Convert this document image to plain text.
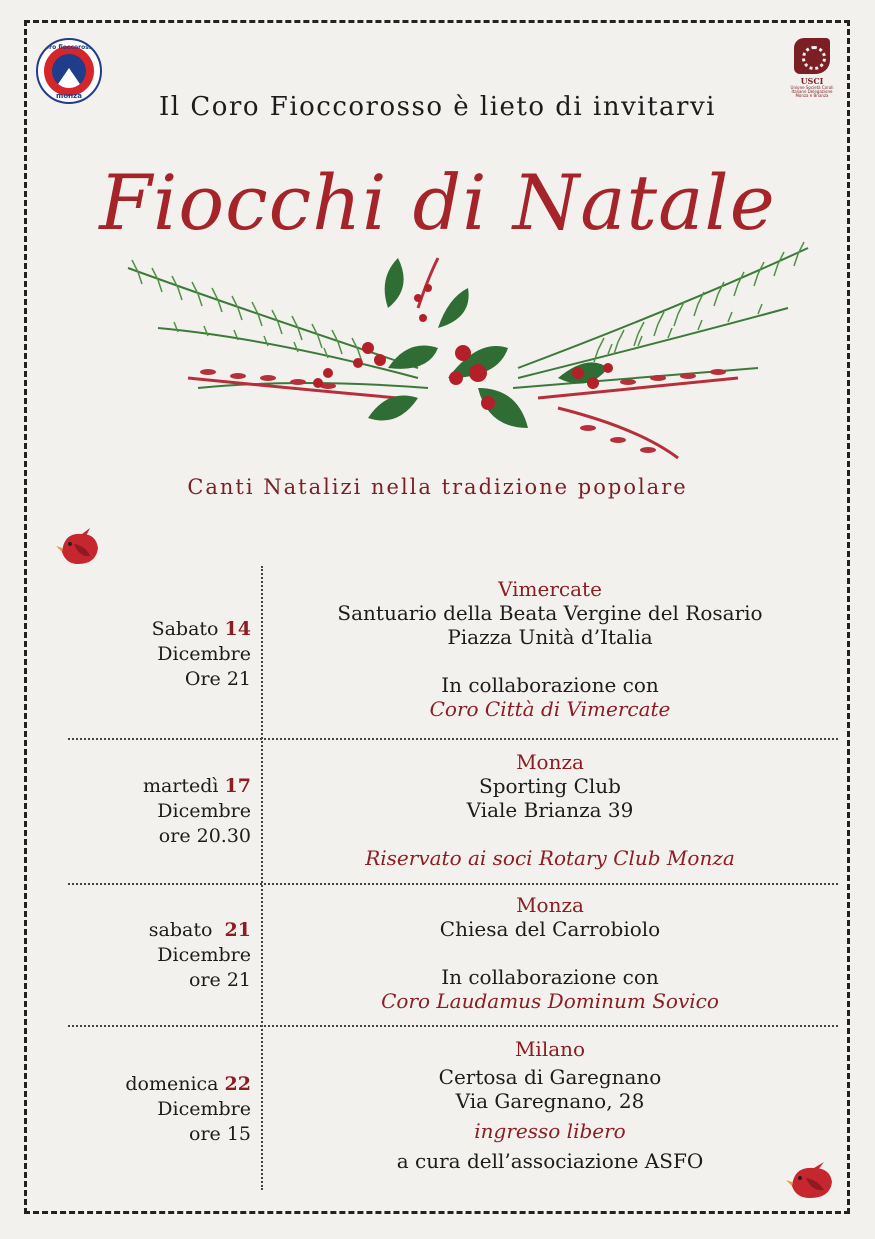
coro fioccorosso
monza
USCI
Unione Società Corali Italiane Delegazione Monza e Brianza
Il Coro Fioccorosso è lieto di invitarvi
Fiocchi di Natale
Canti Natalizi nella tradizione popolare
Sabato 14
Dicembre
Ore 21
Vimercate
Santuario della Beata Vergine del Rosario
Piazza Unità d’Italia
In collaborazione con
Coro Città di Vimercate
martedì 17
Dicembre
ore 20.30
Monza
Sporting Club
Viale Brianza 39
Riservato ai soci Rotary Club Monza
sabato 21
Dicembre
ore 21
Monza
Chiesa del Carrobiolo
In collaborazione con
Coro Laudamus Dominum Sovico
domenica 22
Dicembre
ore 15
Milano
Certosa di Garegnano
Via Garegnano, 28
ingresso libero
a cura dell’associazione ASFO
